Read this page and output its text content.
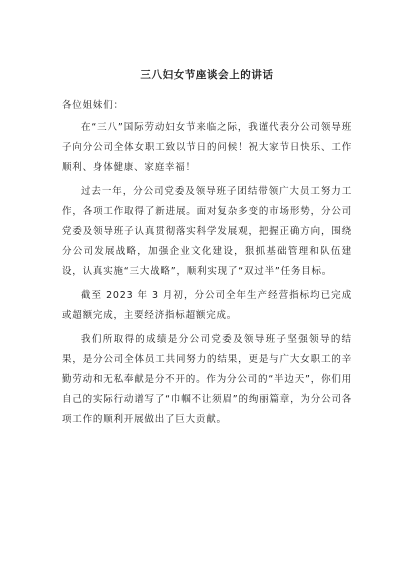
三八妇女节座谈会上的讲话
各位姐妹们：

在“三八”国际劳动妇女节来临之际，我谨代表分公司领导班子向分公司全体女职工致以节日的问候！祝大家节日快乐、工作顺利、身体健康、家庭幸福！

过去一年，分公司党委及领导班子团结带领广大员工努力工作，各项工作取得了新进展。面对复杂多变的市场形势，分公司党委及领导班子认真贯彻落实科学发展观，把握正确方向，围绕分公司发展战略，加强企业文化建设，狠抓基础管理和队伍建设，认真实施“三大战略”，顺利实现了“双过半”任务目标。

截至 2023 年 3 月初，分公司全年生产经营指标均已完成或超额完成，主要经济指标超额完成。

我们所取得的成绩是分公司党委及领导班子坚强领导的结果，是分公司全体员工共同努力的结果，更是与广大女职工的辛勤劳动和无私奉献是分不开的。作为分公司的“半边天”，你们用自己的实际行动谱写了“巾帼不让须眉”的绚丽篇章，为分公司各项工作的顺利开展做出了巨大贡献。
